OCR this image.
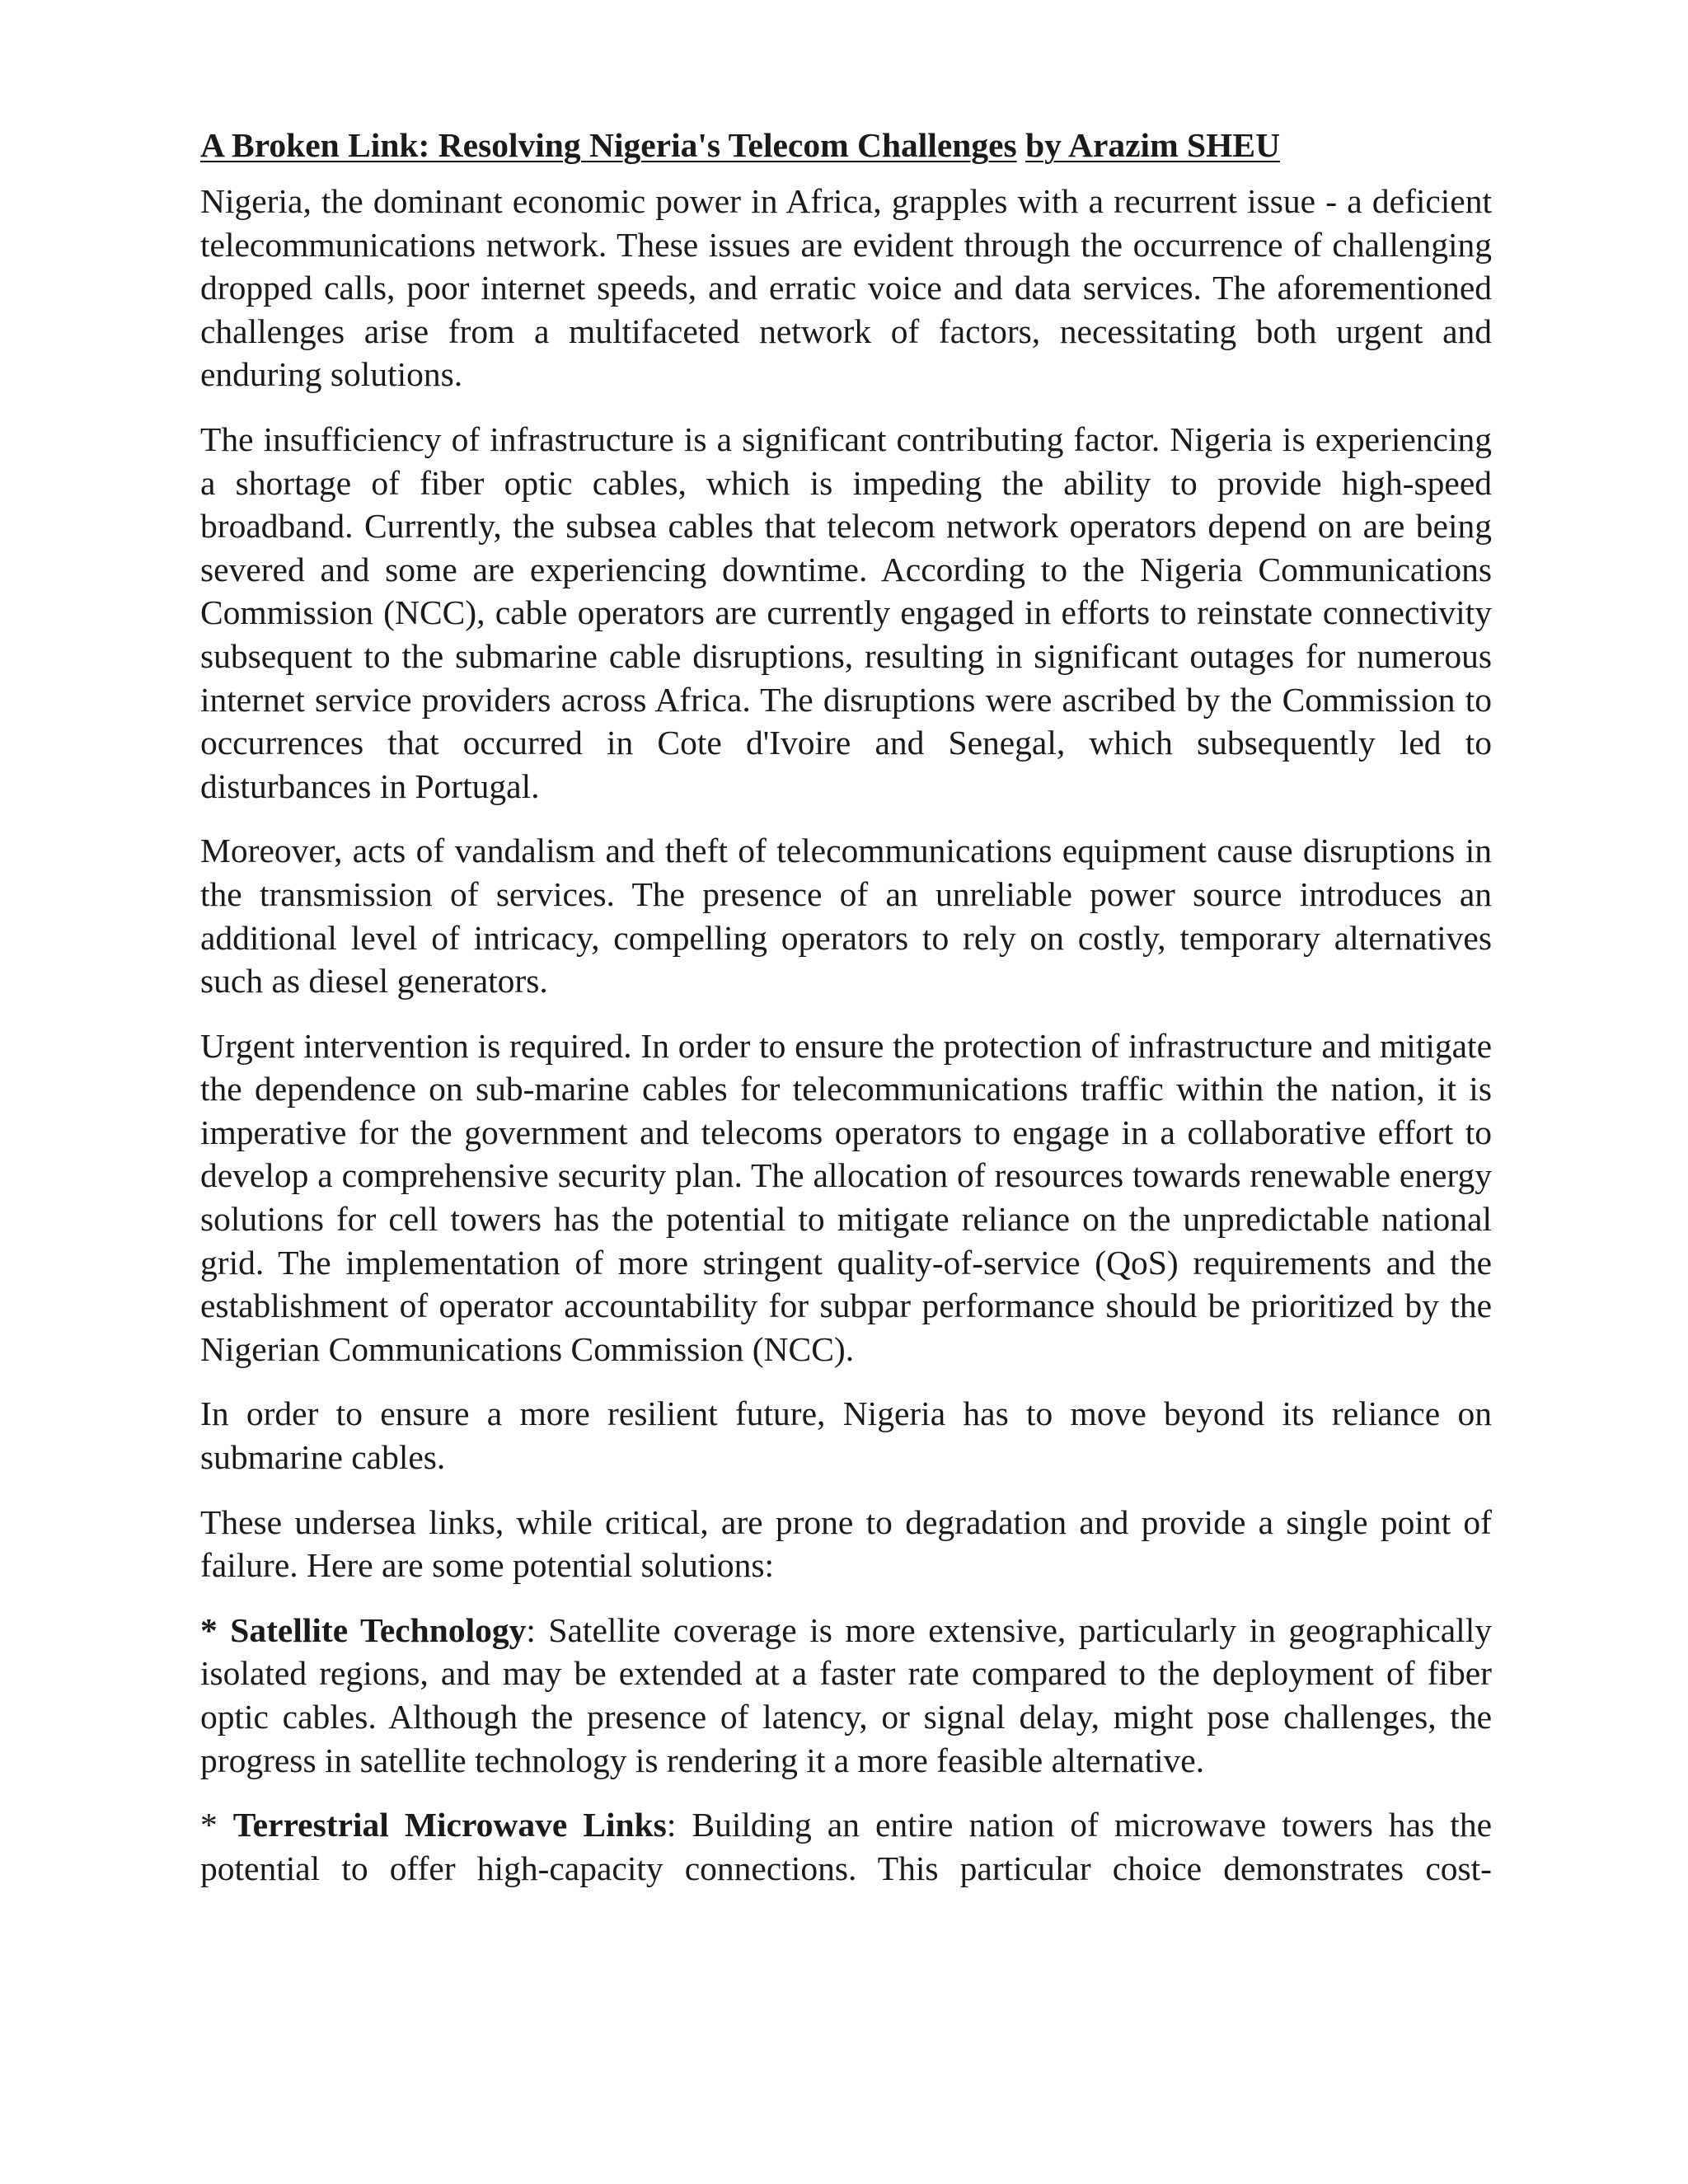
A Broken Link: Resolving Nigeria's Telecom Challenges by Arazim SHEU

Nigeria, the dominant economic power in Africa, grapples with a recurrent issue - a deficient telecommunications network. These issues are evident through the occurrence of challenging dropped calls, poor internet speeds, and erratic voice and data services. The aforementioned challenges arise from a multifaceted network of factors, necessitating both urgent and enduring solutions.

The insufficiency of infrastructure is a significant contributing factor. Nigeria is experiencing a shortage of fiber optic cables, which is impeding the ability to provide high-speed broadband. Currently, the subsea cables that telecom network operators depend on are being severed and some are experiencing downtime. According to the Nigeria Communications Commission (NCC), cable operators are currently engaged in efforts to reinstate connectivity subsequent to the submarine cable disruptions, resulting in significant outages for numerous internet service providers across Africa. The disruptions were ascribed by the Commission to occurrences that occurred in Cote d'Ivoire and Senegal, which subsequently led to disturbances in Portugal.

Moreover, acts of vandalism and theft of telecommunications equipment cause disruptions in the transmission of services. The presence of an unreliable power source introduces an additional level of intricacy, compelling operators to rely on costly, temporary alternatives such as diesel generators.

Urgent intervention is required. In order to ensure the protection of infrastructure and mitigate the dependence on sub-marine cables for telecommunications traffic within the nation, it is imperative for the government and telecoms operators to engage in a collaborative effort to develop a comprehensive security plan. The allocation of resources towards renewable energy solutions for cell towers has the potential to mitigate reliance on the unpredictable national grid. The implementation of more stringent quality-of-service (QoS) requirements and the establishment of operator accountability for subpar performance should be prioritized by the Nigerian Communications Commission (NCC).

In order to ensure a more resilient future, Nigeria has to move beyond its reliance on submarine cables.

These undersea links, while critical, are prone to degradation and provide a single point of failure. Here are some potential solutions:

* Satellite Technology: Satellite coverage is more extensive, particularly in geographically isolated regions, and may be extended at a faster rate compared to the deployment of fiber optic cables. Although the presence of latency, or signal delay, might pose challenges, the progress in satellite technology is rendering it a more feasible alternative.

* Terrestrial Microwave Links: Building an entire nation of microwave towers has the potential to offer high-capacity connections. This particular choice demonstrates cost-
